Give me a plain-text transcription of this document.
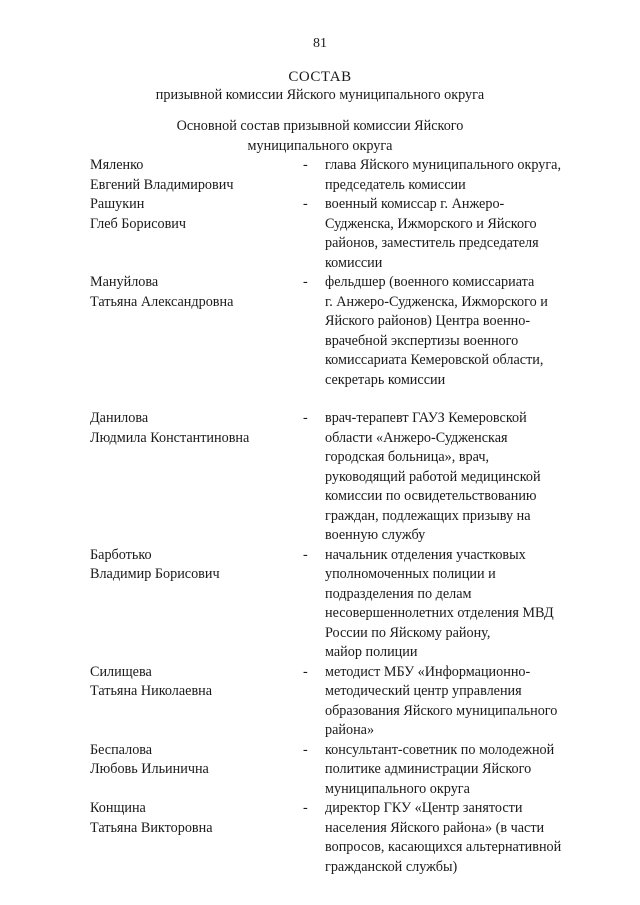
81
СОСТАВ
призывной комиссии Яйского муниципального округа
Основной состав призывной комиссии Яйского
муниципального округа
Мяленко
Евгений Владимирович
-	глава Яйского муниципального округа,
председатель комиссии
Рашукин
Глеб Борисович
-	военный комиссар г. Анжеро-
Судженска, Ижморского и Яйского
районов, заместитель председателя
комиссии
Мануйлова
Татьяна Александровна
-	фельдшер (военного комиссариата
г. Анжеро-Судженска, Ижморского и
Яйского районов) Центра военно-
врачебной экспертизы военного
комиссариата Кемеровской области,
секретарь комиссии
Данилова
Людмила Константиновна
-	врач-терапевт ГАУЗ Кемеровской
области «Анжеро-Судженская
городская больница», врач,
руководящий работой медицинской
комиссии по освидетельствованию
граждан, подлежащих призыву на
военную службу
Барботько
Владимир Борисович
-	начальник отделения участковых
уполномоченных полиции и
подразделения по делам
несовершеннолетних отделения МВД
России по Яйскому району,
майор полиции
Силищева
Татьяна Николаевна
-	методист МБУ «Информационно-
методический центр управления
образования Яйского муниципального
района»
Беспалова
Любовь Ильинична
-	консультант-советник по молодежной
политике администрации Яйского
муниципального округа
Конщина
Татьяна Викторовна
-	директор ГКУ «Центр занятости
населения Яйского района» (в части
вопросов, касающихся альтернативной
гражданской службы)
